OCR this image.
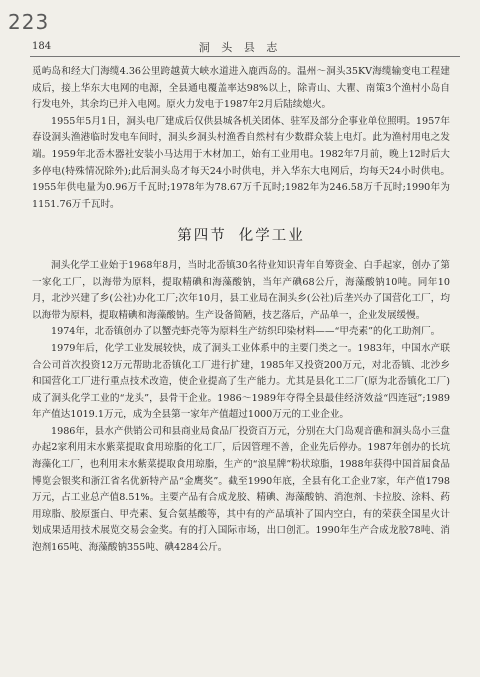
223
184	洞 头 县 志

觅屿岛和经大门海缆4.36公里跨越黄大峡水道进入鹿西岛的。温州～洞头35KV海缆输变电工程建成后，接上华东大电网的电源，全县通电覆盖率达98%以上，除青山、大瞿、南策3个渔村小岛自行发电外，其余均已并入电网。原火力发电于1987年2月后陆续熄火。

1955年5月1日，洞头电厂建成后仅供县城各机关团体、驻军及部分企事业单位照明。1957年春设洞头渔港临时发电车间时，洞头乡洞头村渔香自然村有少数群众装上电灯。此为渔村用电之发端。1959年北岙木器社安装小马达用于木材加工，始有工业用电。1982年7月前，晚上12时后大多停电(特殊情况除外);此后洞头岛才每天24小时供电，并入华东大电网后，均每天24小时供电。1955年供电量为0.96万千瓦时;1978年为78.67万千瓦时;1982年为246.58万千瓦时;1990年为1151.76万千瓦时。

第四节 化学工业

洞头化学工业始于1968年8月，当时北岙镇30名待业知识青年自筹资金、白手起家，创办了第一家化工厂，以海带为原料，提取精碘和海藻酸钠，当年产碘68公斤，海藻酸钠10吨。同年10月，北沙兴建了乡(公社)办化工厂;次年10月，县工业局在洞头乡(公社)后垄兴办了国营化工厂，均以海带为原料，提取精碘和海藻酸钠。生产设备简陋，技艺落后，产品单一，企业发展缓慢。

1974年，北岙镇创办了以蟹壳虾壳等为原料生产纺织印染材料——“甲壳素”的化工助剂厂。

1979年后，化学工业发展较快，成了洞头工业体系中的主要门类之一。1983年，中国水产联合公司首次投资12万元帮助北岙镇化工厂进行扩建，1985年又投资200万元，对北岙镇、北沙乡和国营化工厂进行重点技术改造，使企业提高了生产能力。尤其是县化工二厂(原为北岙镇化工厂)成了洞头化学工业的“龙头”，县骨干企业。1986～1989年夺得全县最佳经济效益“四连冠”;1989年产值达1019.1万元，成为全县第一家年产值超过1000万元的工业企业。

1986年，县水产供销公司和县商业局食品厂投资百万元，分别在大门岛观音礁和洞头岛小三盘办起2家利用末水紫菜提取食用琼脂的化工厂，后因管理不善，企业先后停办。1987年创办的长坑海藻化工厂，也利用末水紫菜提取食用琼脂，生产的“浪星牌”粉状琼脂，1988年获得中国首届食品博览会银奖和浙江省名优新特产品“金鹰奖”。截至1990年底，全县有化工企业7家，年产值1798万元，占工业总产值8.51%。主要产品有合成龙胶、精碘、海藻酸钠、消泡剂、卡拉胶、涂料、药用琼脂、胶原蛋白、甲壳素、复合氨基酸等，其中有的产品填补了国内空白，有的荣获全国星火计划成果适用技术展览交易会金奖。有的打入国际市场，出口创汇。1990年生产合成龙胶78吨、消泡剂165吨、海藻酸钠355吨、碘4284公斤。
